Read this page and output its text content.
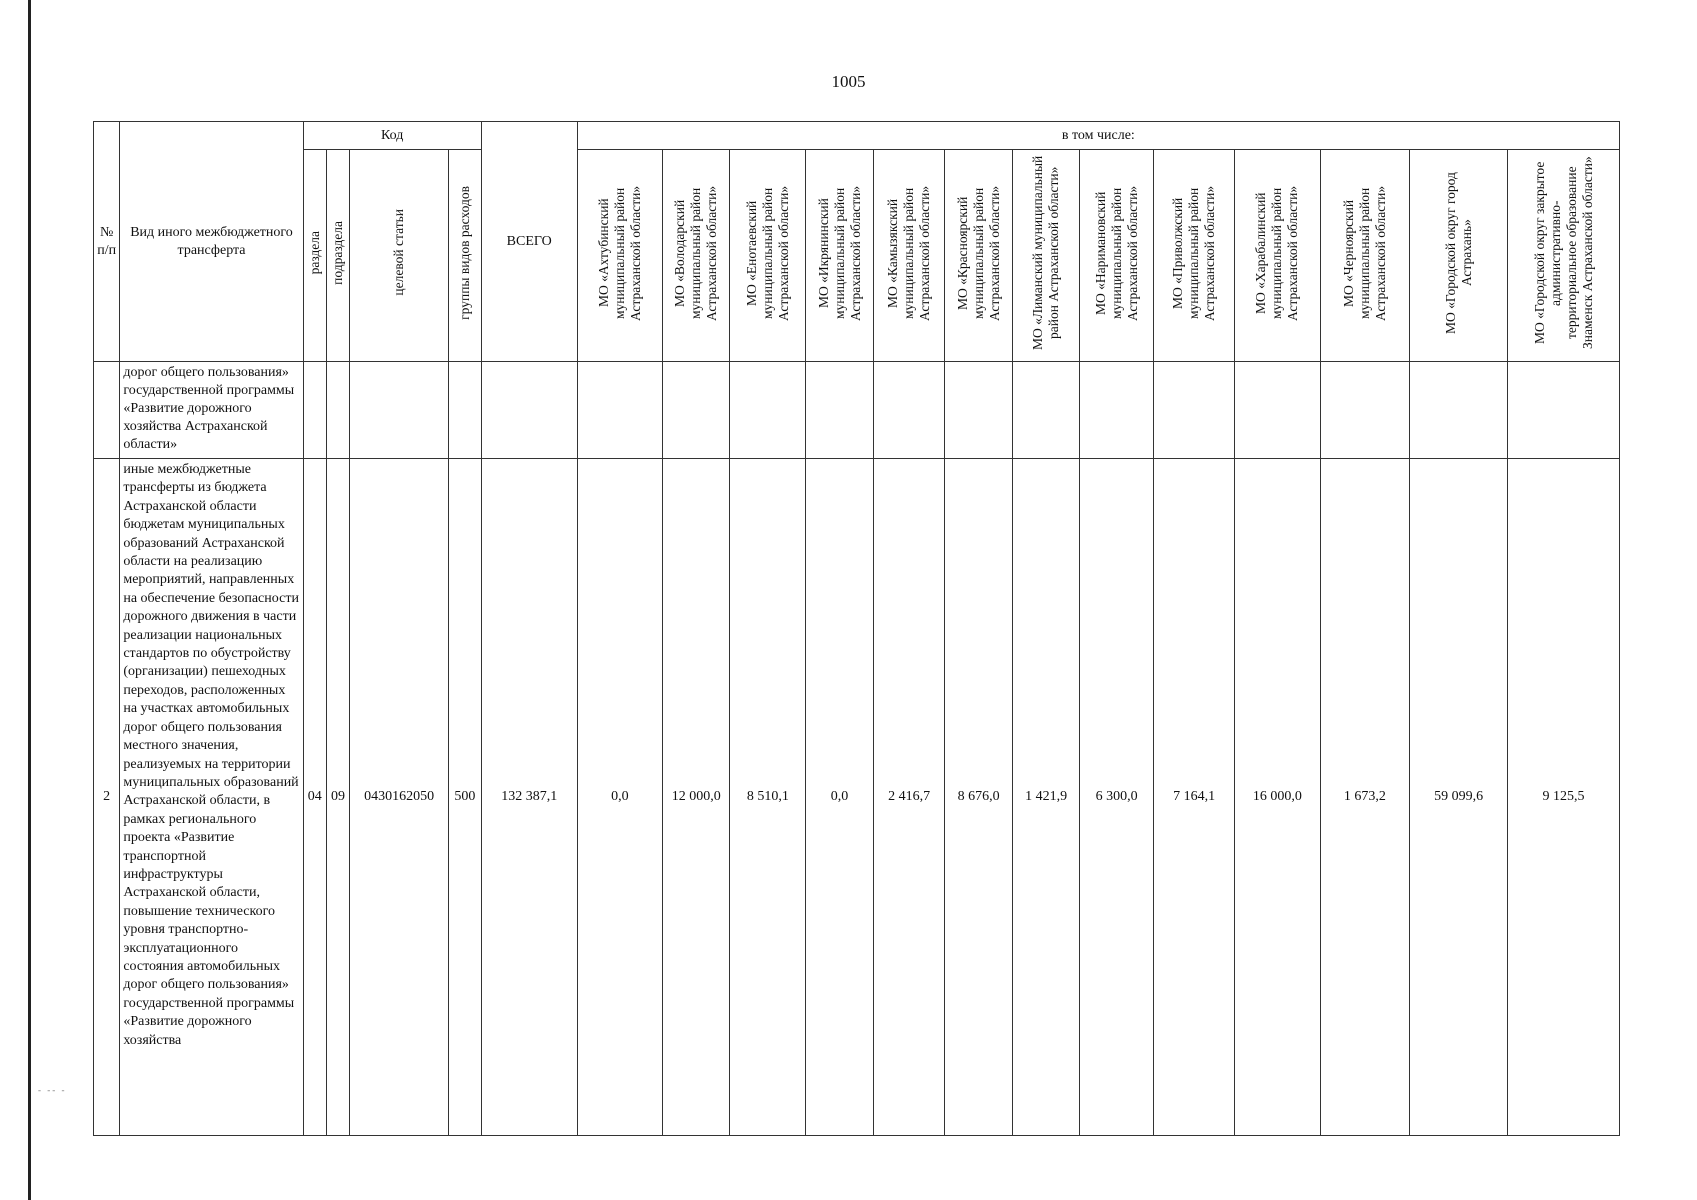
1005
- -- -
№ п/п	Вид иного межбюджетного трансферта	Код				ВСЕГО	в том числе:												
		раздела	подраздела	целевой статьи	группы видов расходов		МО «Ахтубинский муниципальный район Астраханской области»	МО «Володарский муниципальный район Астраханской области»	МО «Енотаевский муниципальный район Астраханской области»	МО «Икрянинский муниципальный район Астраханской области»	МО «Камызякский муниципальный район Астраханской области»	МО «Красноярский муниципальный район Астраханской области»	МО «Лиманский муниципальный район Астраханской области»	МО «Наримановский муниципальный район Астраханской области»	МО «Приволжский муниципальный район Астраханской области»	МО «Харабалинский муниципальный район Астраханской области»	МО «Черноярский муниципальный район Астраханской области»	МО «Городской округ город Астрахань»	МО «Городской округ закрытое административно-территориальное образование Знаменск Астраханской области»
	дорог общего пользования» государственной программы «Развитие дорожного хозяйства Астраханской области»																		
2	иные межбюджетные трансферты из бюджета Астраханской области бюджетам муниципальных образований Астраханской области на реализацию мероприятий, направленных на обеспечение безопасности дорожного движения в части реализации национальных стандартов по обустройству (организации) пешеходных переходов, расположенных на участках автомобильных дорог общего пользования местного значения, реализуемых на территории муниципальных образований Астраханской области, в рамках регионального проекта «Развитие транспортной инфраструктуры Астраханской области, повышение технического уровня транспортно-эксплуатационного состояния автомобильных дорог общего пользования» государственной программы «Развитие дорожного хозяйства	04	09	0430162050	500	132 387,1	0,0	12 000,0	8 510,1	0,0	2 416,7	8 676,0	1 421,9	6 300,0	7 164,1	16 000,0	1 673,2	59 099,6	9 125,5
